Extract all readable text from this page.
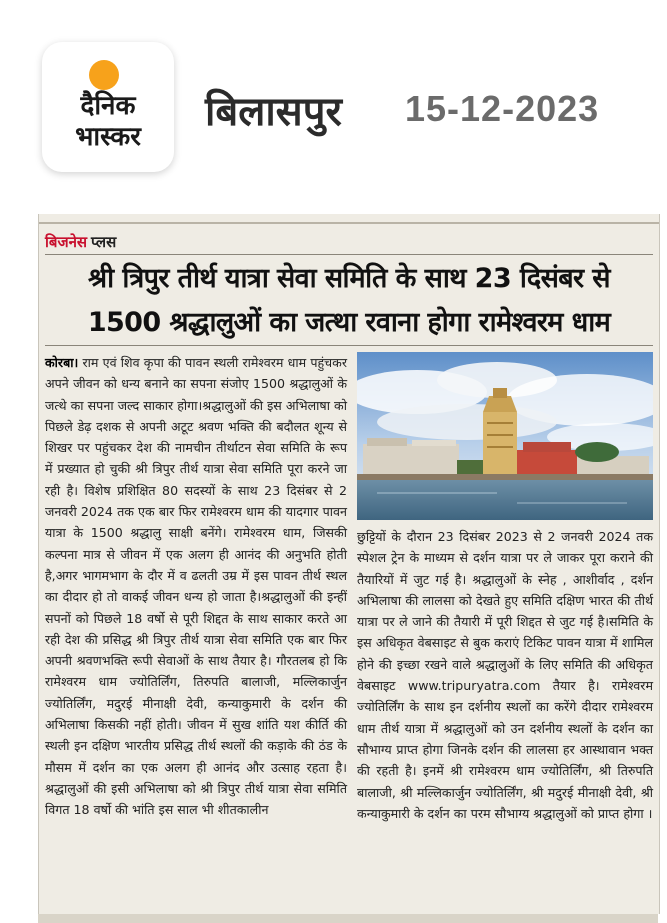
दैनिक
भास्कर
बिलासपुर 15-12-2023
बिजनेस प्लस
श्री त्रिपुर तीर्थ यात्रा सेवा समिति के साथ 23 दिसंबर से
1500 श्रद्धालुओं का जत्था रवाना होगा रामेश्वरम धाम

कोरबा। राम एवं शिव कृपा की पावन स्थली रामेश्वरम धाम पहुंचकर अपने जीवन को धन्य बनाने का सपना संजोए 1500 श्रद्धालुओं के जत्थे का सपना जल्द साकार होगा।श्रद्धालुओं की इस अभिलाषा को पिछले डेढ़ दशक से अपनी अटूट श्रवण भक्ति की बदौलत शून्य से शिखर पर पहुंचकर देश की नामचीन तीर्थाटन सेवा समिति के रूप में प्रख्यात हो चुकी श्री त्रिपुर तीर्थ यात्रा सेवा समिति पूरा करने जा रही है। विशेष प्रशिक्षित 80 सदस्यों के साथ 23 दिसंबर से 2 जनवरी 2024 तक एक बार फिर रामेश्वरम धाम की यादगार पावन यात्रा के 1500 श्रद्धालु साक्षी बनेंगे। रामेश्वरम धाम, जिसकी कल्पना मात्र से जीवन में एक अलग ही आनंद की अनुभति होती है,अगर भागमभाग के दौर में व ढलती उम्र में इस पावन तीर्थ स्थल का दीदार हो तो वाकई जीवन धन्य हो जाता है।श्रद्धालुओं की इन्हीं सपनों को पिछले 18 वर्षो से पूरी शिद्दत के साथ साकार करते आ रही देश की प्रसिद्ध श्री त्रिपुर तीर्थ यात्रा सेवा समिति एक बार फिर अपनी श्रवणभक्ति रूपी सेवाओं के साथ तैयार है। गौरतलब हो कि रामेश्वरम धाम ज्योतिर्लिंग, तिरुपति बालाजी, मल्लिकार्जुन ज्योतिर्लिंग, मदुरई मीनाक्षी देवी, कन्याकुमारी के दर्शन की अभिलाषा किसकी नहीं होती। जीवन में सुख शांति यश कीर्ति की स्थली इन दक्षिण भारतीय प्रसिद्ध तीर्थ स्थलों की कड़ाके की ठंड के मौसम में दर्शन का एक अलग ही आनंद और उत्साह रहता है। श्रद्धालुओं की इसी अभिलाषा को श्री त्रिपुर तीर्थ यात्रा सेवा समिति विगत 18 वर्षो की भांति इस साल भी शीतकालीन

छुट्टियों के दौरान 23 दिसंबर 2023 से 2 जनवरी 2024 तक स्पेशल ट्रेन के माध्यम से दर्शन यात्रा पर ले जाकर पूरा कराने की तैयारियों में जुट गई है। श्रद्धालुओं के स्नेह , आशीर्वाद , दर्शन अभिलाषा की लालसा को देखते हुए समिति दक्षिण भारत की तीर्थ यात्रा पर ले जाने की तैयारी में पूरी शिद्दत से जुट गई है।समिति के इस अधिकृत वेबसाइट से बुक कराएं टिकिट पावन यात्रा में शामिल होने की इच्छा रखने वाले श्रद्धालुओं के लिए समिति की अधिकृत वेबसाइट www.tripuryatra.com तैयार है। रामेश्वरम ज्योतिर्लिंग के साथ इन दर्शनीय स्थलों का करेंगे दीदार रामेश्वरम धाम तीर्थ यात्रा में श्रद्धालुओं को उन दर्शनीय स्थलों के दर्शन का सौभाग्य प्राप्त होगा जिनके दर्शन की लालसा हर आस्थावान भक्त की रहती है। इनमें श्री रामेश्वरम धाम ज्योतिर्लिंग, श्री तिरुपति बालाजी, श्री मल्लिकार्जुन ज्योतिर्लिंग, श्री मदुरई मीनाक्षी देवी, श्री कन्याकुमारी के दर्शन का परम सौभाग्य श्रद्धालुओं को प्राप्त होगा ।
